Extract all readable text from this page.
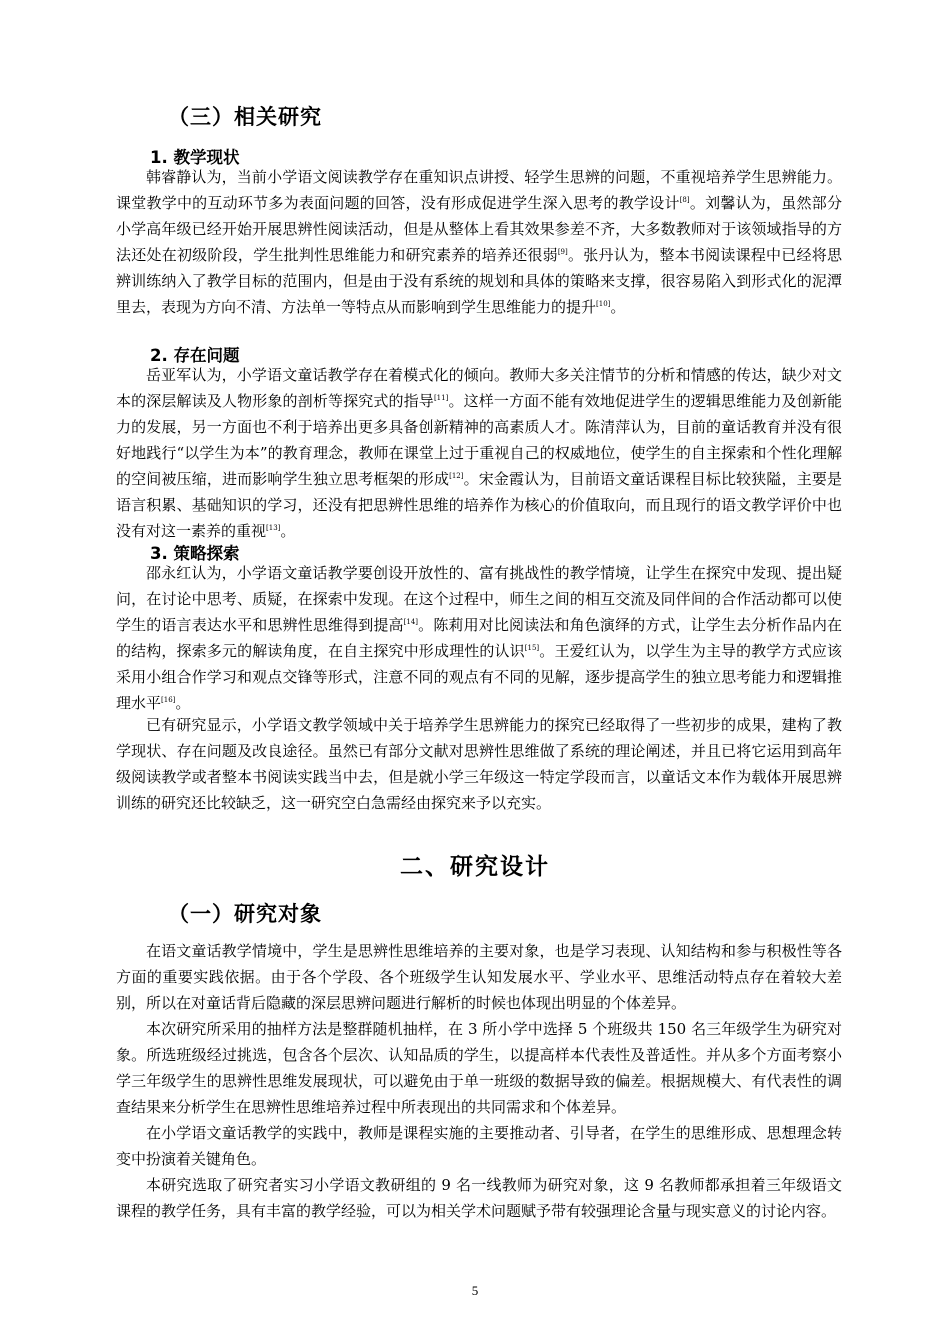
（三）相关研究
1. 教学现状

韩睿静认为，当前小学语文阅读教学存在重知识点讲授、轻学生思辨的问题，不重视培养学生思辨能力。课堂教学中的互动环节多为表面问题的回答，没有形成促进学生深入思考的教学设计[8]。刘馨认为，虽然部分小学高年级已经开始开展思辨性阅读活动，但是从整体上看其效果参差不齐，大多数教师对于该领域指导的方法还处在初级阶段，学生批判性思维能力和研究素养的培养还很弱[9]。张丹认为，整本书阅读课程中已经将思辨训练纳入了教学目标的范围内，但是由于没有系统的规划和具体的策略来支撑，很容易陷入到形式化的泥潭里去，表现为方向不清、方法单一等特点从而影响到学生思维能力的提升[10]。

2. 存在问题

岳亚军认为，小学语文童话教学存在着模式化的倾向。教师大多关注情节的分析和情感的传达，缺少对文本的深层解读及人物形象的剖析等探究式的指导[11]。这样一方面不能有效地促进学生的逻辑思维能力及创新能力的发展，另一方面也不利于培养出更多具备创新精神的高素质人才。陈清萍认为，目前的童话教育并没有很好地践行“以学生为本”的教育理念，教师在课堂上过于重视自己的权威地位，使学生的自主探索和个性化理解的空间被压缩，进而影响学生独立思考框架的形成[12]。宋金霞认为，目前语文童话课程目标比较狭隘，主要是语言积累、基础知识的学习，还没有把思辨性思维的培养作为核心的价值取向，而且现行的语文教学评价中也没有对这一素养的重视[13]。

3. 策略探索

邵永红认为，小学语文童话教学要创设开放性的、富有挑战性的教学情境，让学生在探究中发现、提出疑问，在讨论中思考、质疑，在探索中发现。在这个过程中，师生之间的相互交流及同伴间的合作活动都可以使学生的语言表达水平和思辨性思维得到提高[14]。陈莉用对比阅读法和角色演绎的方式，让学生去分析作品内在的结构，探索多元的解读角度，在自主探究中形成理性的认识[15]。王爱红认为，以学生为主导的教学方式应该采用小组合作学习和观点交锋等形式，注意不同的观点有不同的见解，逐步提高学生的独立思考能力和逻辑推理水平[16]。

已有研究显示，小学语文教学领域中关于培养学生思辨能力的探究已经取得了一些初步的成果，建构了教学现状、存在问题及改良途径。虽然已有部分文献对思辨性思维做了系统的理论阐述，并且已将它运用到高年级阅读教学或者整本书阅读实践当中去，但是就小学三年级这一特定学段而言，以童话文本作为载体开展思辨训练的研究还比较缺乏，这一研究空白急需经由探究来予以充实。

二、研究设计
（一）研究对象

在语文童话教学情境中，学生是思辨性思维培养的主要对象，也是学习表现、认知结构和参与积极性等各方面的重要实践依据。由于各个学段、各个班级学生认知发展水平、学业水平、思维活动特点存在着较大差别，所以在对童话背后隐藏的深层思辨问题进行解析的时候也体现出明显的个体差异。

本次研究所采用的抽样方法是整群随机抽样，在 3 所小学中选择 5 个班级共 150 名三年级学生为研究对象。所选班级经过挑选，包含各个层次、认知品质的学生，以提高样本代表性及普适性。并从多个方面考察小学三年级学生的思辨性思维发展现状，可以避免由于单一班级的数据导致的偏差。根据规模大、有代表性的调查结果来分析学生在思辨性思维培养过程中所表现出的共同需求和个体差异。

在小学语文童话教学的实践中，教师是课程实施的主要推动者、引导者，在学生的思维形成、思想理念转变中扮演着关键角色。

本研究选取了研究者实习小学语文教研组的 9 名一线教师为研究对象，这 9 名教师都承担着三年级语文课程的教学任务，具有丰富的教学经验，可以为相关学术问题赋予带有较强理论含量与现实意义的讨论内容。

5
